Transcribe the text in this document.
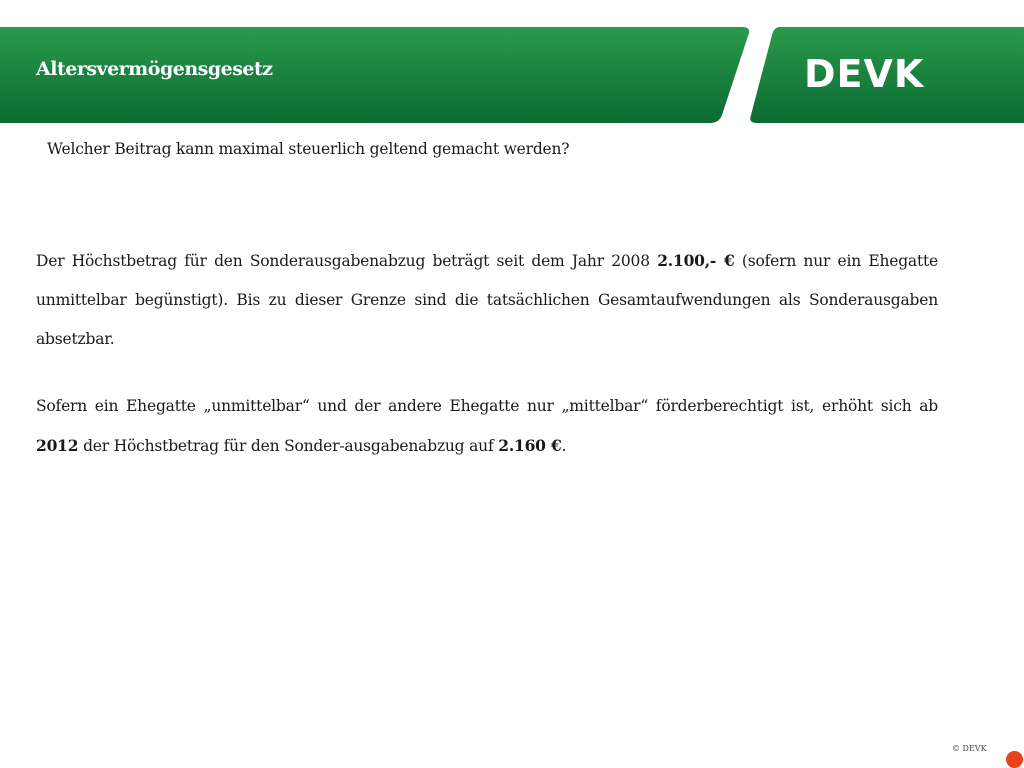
Altersvermögensgesetz	DEVK

Welcher Beitrag kann maximal steuerlich geltend gemacht werden?

Der Höchstbetrag für den Sonderausgabenabzug beträgt seit dem Jahr 2008 2.100,- € (sofern nur ein Ehegatte unmittelbar begünstigt). Bis zu dieser Grenze sind die tatsächlichen Gesamtaufwendungen als Sonderausgaben absetzbar.

Sofern ein Ehegatte „unmittelbar“ und der andere Ehegatte nur „mittelbar“ förderberechtigt ist, erhöht sich ab 2012 der Höchstbetrag für den Sonder-ausgabenabzug auf 2.160 €.

© DEVK
